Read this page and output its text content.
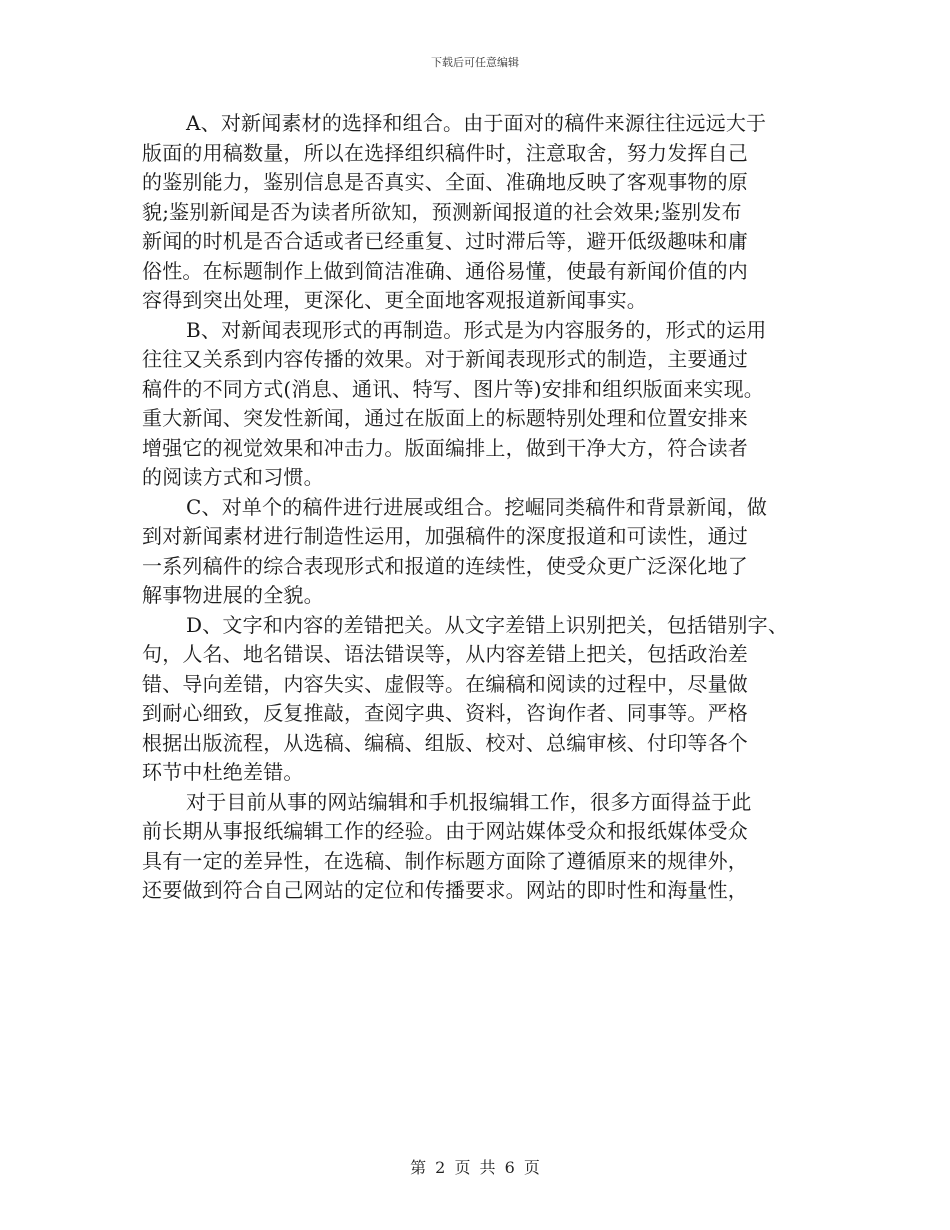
下载后可任意编辑
A、对新闻素材的选择和组合。由于面对的稿件来源往往远远大于
版面的用稿数量，所以在选择组织稿件时，注意取舍，努力发挥自己
的鉴别能力，鉴别信息是否真实、全面、准确地反映了客观事物的原
貌;鉴别新闻是否为读者所欲知，预测新闻报道的社会效果;鉴别发布
新闻的时机是否合适或者已经重复、过时滞后等，避开低级趣味和庸
俗性。在标题制作上做到简洁准确、通俗易懂，使最有新闻价值的内
容得到突出处理，更深化、更全面地客观报道新闻事实。
B、对新闻表现形式的再制造。形式是为内容服务的，形式的运用
往往又关系到内容传播的效果。对于新闻表现形式的制造，主要通过
稿件的不同方式(消息、通讯、特写、图片等)安排和组织版面来实现。
重大新闻、突发性新闻，通过在版面上的标题特别处理和位置安排来
增强它的视觉效果和冲击力。版面编排上，做到干净大方，符合读者
的阅读方式和习惯。
C、对单个的稿件进行进展或组合。挖崛同类稿件和背景新闻，做
到对新闻素材进行制造性运用，加强稿件的深度报道和可读性，通过
一系列稿件的综合表现形式和报道的连续性，使受众更广泛深化地了
解事物进展的全貌。
D、文字和内容的差错把关。从文字差错上识别把关，包括错别字、
句，人名、地名错误、语法错误等，从内容差错上把关，包括政治差
错、导向差错，内容失实、虚假等。在编稿和阅读的过程中，尽量做
到耐心细致，反复推敲，查阅字典、资料，咨询作者、同事等。严格
根据出版流程，从选稿、编稿、组版、校对、总编审核、付印等各个
环节中杜绝差错。
对于目前从事的网站编辑和手机报编辑工作，很多方面得益于此
前长期从事报纸编辑工作的经验。由于网站媒体受众和报纸媒体受众
具有一定的差异性，在选稿、制作标题方面除了遵循原来的规律外，
还要做到符合自己网站的定位和传播要求。网站的即时性和海量性，
第 2 页 共 6 页
